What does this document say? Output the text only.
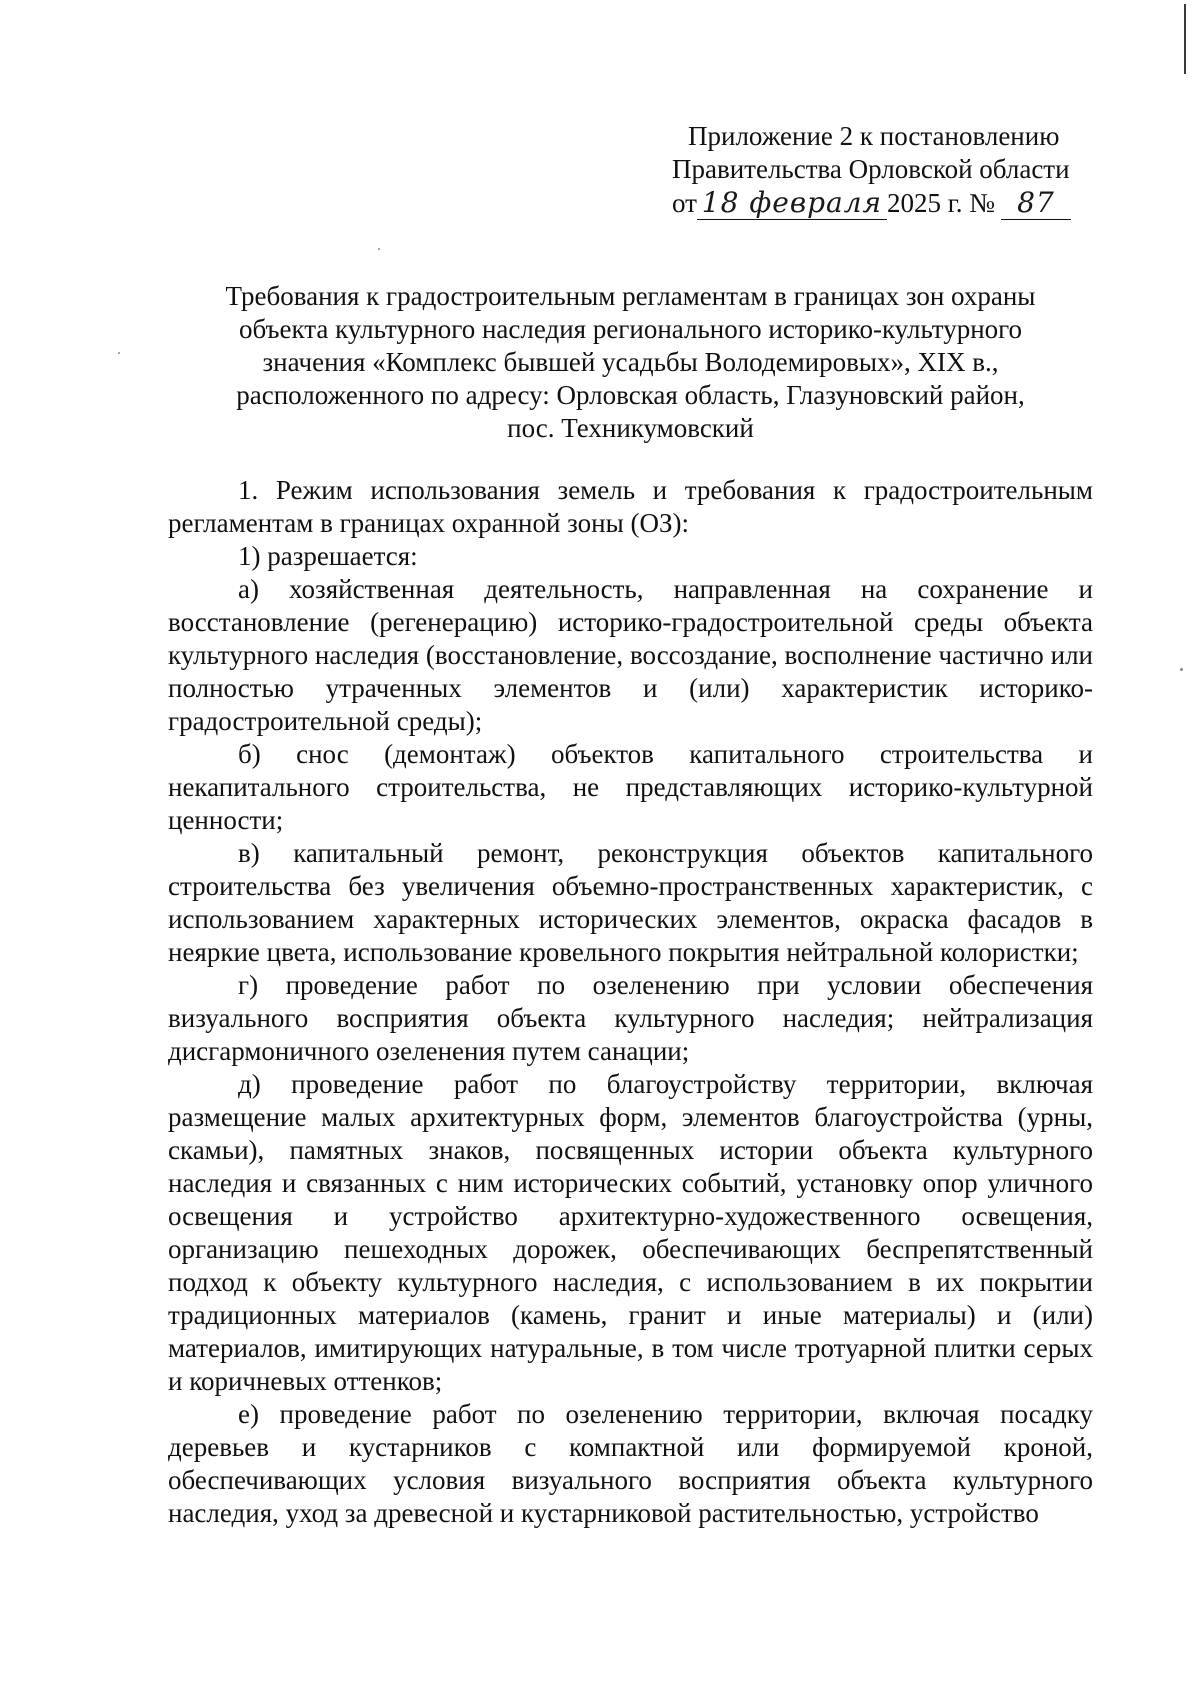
Приложение 2 к постановлению
Правительства Орловской области
от 18 февраля 2025 г. № 87
Требования к градостроительным регламентам в границах зон охраны
объекта культурного наследия регионального историко-культурного
значения «Комплекс бывшей усадьбы Володемировых», XIX в.,
расположенного по адресу: Орловская область, Глазуновский район,
пос. Техникумовский

1. Режим использования земель и требования к градостроительным регламентам в границах охранной зоны (ОЗ):

1) разрешается:

а) хозяйственная деятельность, направленная на сохранение и восстановление (регенерацию) историко-градостроительной среды объекта культурного наследия (восстановление, воссоздание, восполнение частично или полностью утраченных элементов и (или) характеристик историко-градостроительной среды);

б) снос (демонтаж) объектов капитального строительства и некапитального строительства, не представляющих историко-культурной ценности;

в) капитальный ремонт, реконструкция объектов капитального строительства без увеличения объемно-пространственных характеристик, с использованием характерных исторических элементов, окраска фасадов в неяркие цвета, использование кровельного покрытия нейтральной колористки;

г) проведение работ по озеленению при условии обеспечения визуального восприятия объекта культурного наследия; нейтрализация дисгармоничного озеленения путем санации;

д) проведение работ по благоустройству территории, включая размещение малых архитектурных форм, элементов благоустройства (урны, скамьи), памятных знаков, посвященных истории объекта культурного наследия и связанных с ним исторических событий, установку опор уличного освещения и устройство архитектурно-художественного освещения, организацию пешеходных дорожек, обеспечивающих беспрепятственный подход к объекту культурного наследия, с использованием в их покрытии традиционных материалов (камень, гранит и иные материалы) и (или) материалов, имитирующих натуральные, в том числе тротуарной плитки серых и коричневых оттенков;

е) проведение работ по озеленению территории, включая посадку деревьев и кустарников с компактной или формируемой кроной, обеспечивающих условия визуального восприятия объекта культурного наследия, уход за древесной и кустарниковой растительностью, устройство
